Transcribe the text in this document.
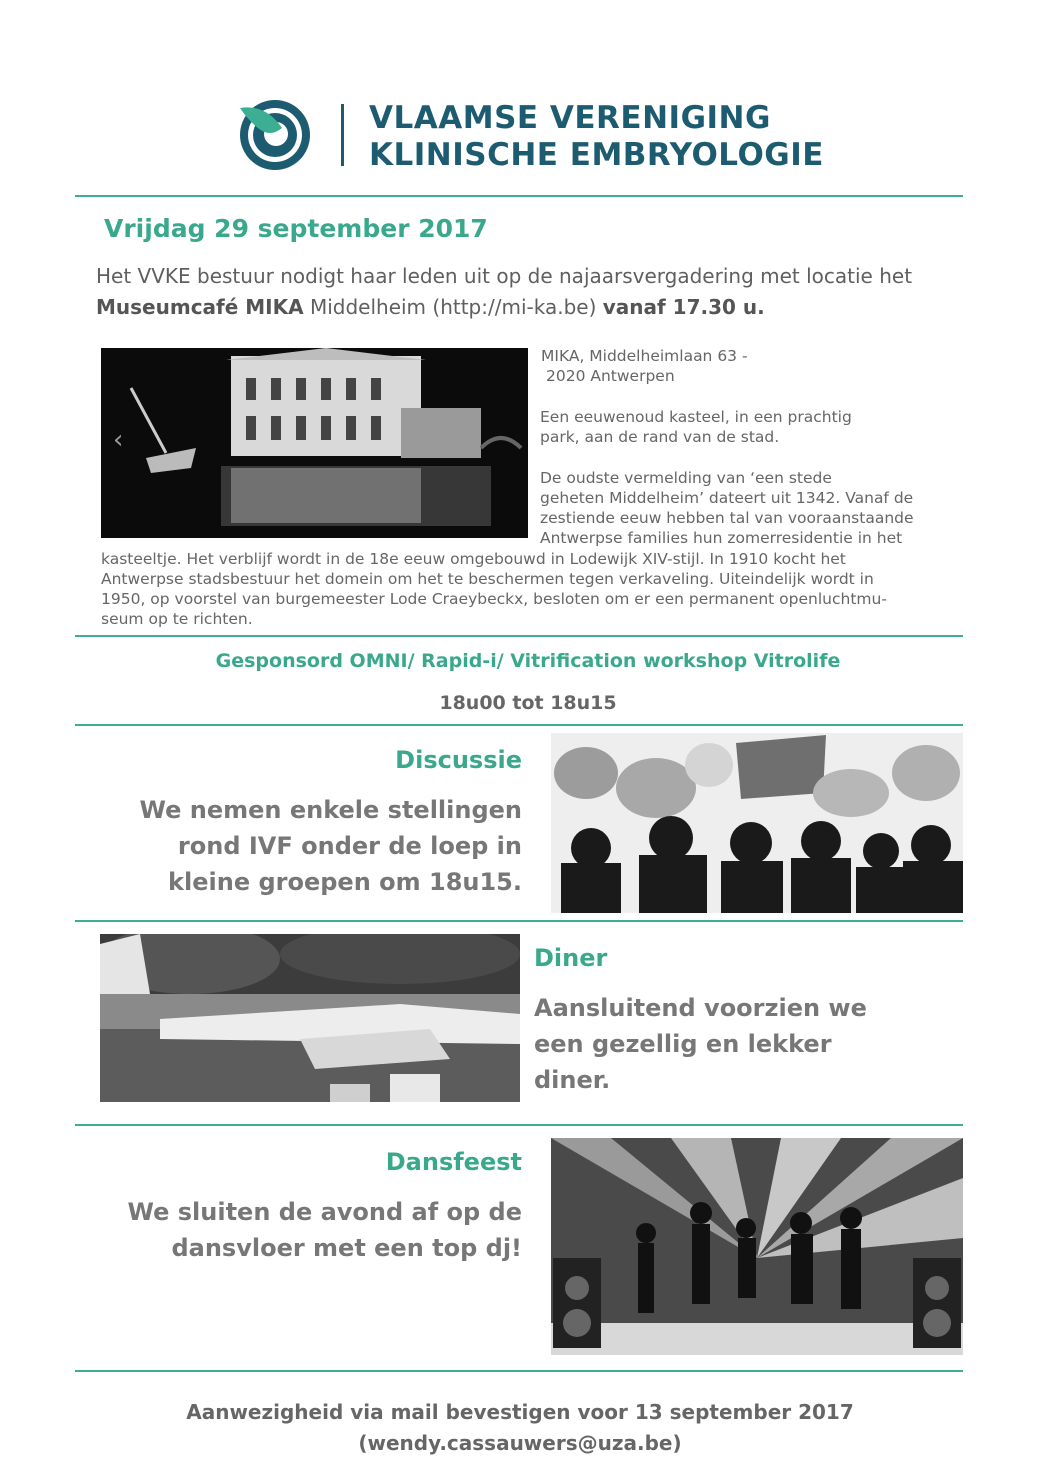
VLAAMSE VERENIGING
KLINISCHE EMBRYOLOGIE
Vrijdag 29 september 2017
Het VVKE bestuur nodigt haar leden uit op de najaarsvergadering met locatie het Museumcafé MIKA Middelheim (http://mi-ka.be) vanaf 17.30 u.
‹
MIKA, Middelheimlaan 63 -
2020 Antwerpen
Een eeuwenoud kasteel, in een prachtig
park, aan de rand van de stad.
De oudste vermelding van ‘een stede
geheten Middelheim’ dateert uit 1342. Vanaf de
zestiende eeuw hebben tal van vooraanstaande
Antwerpse families hun zomerresidentie in het
kasteeltje. Het verblijf wordt in de 18e eeuw omgebouwd in Lodewijk XIV-stijl. In 1910 kocht het
Antwerpse stadsbestuur het domein om het te beschermen tegen verkaveling. Uiteindelijk wordt in
1950, op voorstel van burgemeester Lode Craeybeckx, besloten om er een permanent openluchtmu-
seum op te richten.
Gesponsord OMNI/ Rapid-i/ Vitrification workshop Vitrolife
18u00 tot 18u15
Discussie
We nemen enkele stellingen
rond IVF onder de loep in
kleine groepen om 18u15.
Diner
Aansluitend voorzien we
een gezellig en lekker
diner.
Dansfeest
We sluiten de avond af op de
dansvloer met een top dj!
Aanwezigheid via mail bevestigen voor 13 september 2017
(wendy.cassauwers@uza.be)
